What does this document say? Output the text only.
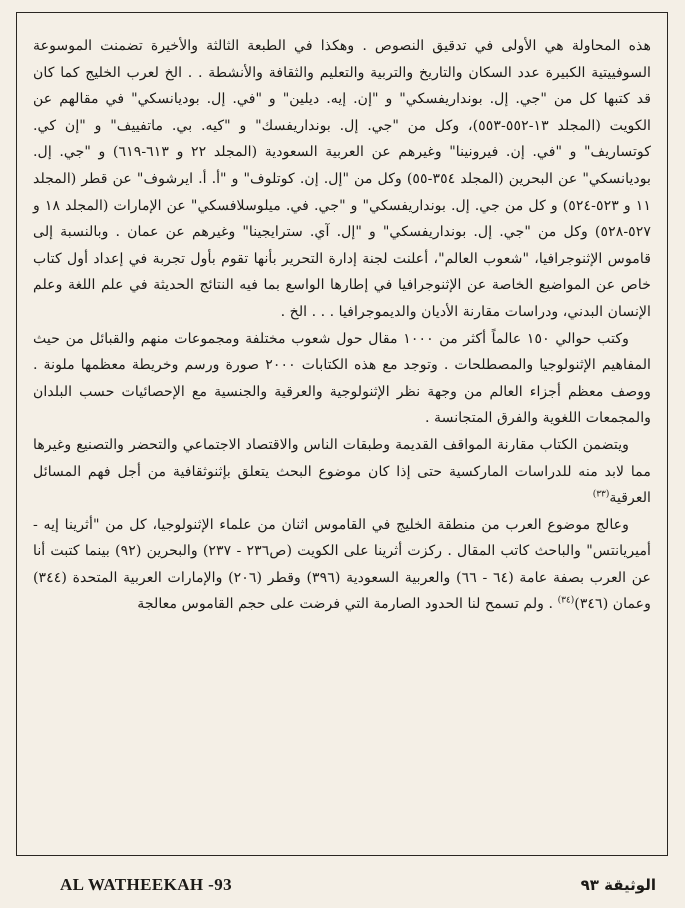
هذه المحاولة هي الأولى في تدقيق النصوص . وهكذا في الطبعة الثالثة والأخيرة تضمنت الموسوعة السوفييتية الكبيرة عدد السكان والتاريخ والتربية والتعليم والثقافة والأنشطة . . الخ لعرب الخليج كما كان قد كتبها كل من "جي. إل. بونداريفسكي" و "إن. إيه. ديلين" و "في. إل. بوديانسكي" في مقالهم عن الكويت (المجلد ١٣-٥٥٢-٥٥٣)، وكل من "جي. إل. بونداريفسك" و "كيه. بي. ماتفييف" و "إن كي. كوتساريف" و "في. إن. فيرونينا" وغيرهم عن العربية السعودية (المجلد ٢٢ و ٦١٣-٦١٩) و "جي. إل. بوديانسكي" عن البحرين (المجلد ٣٥٤-٥٥) وكل من "إل. إن. كوتلوف" و "أ. أ. ايرشوف" عن قطر (المجلد ١١ و ٥٢٣-٥٢٤) و كل من جي. إل. بونداريفسكي" و "جي. في. ميلوسلافسكي" عن الإمارات (المجلد ١٨ و ٥٢٧-٥٢٨) وكل من "جي. إل. بونداريفسكي" و "إل. آي. سترايجينا" وغيرهم عن عمان . وبالنسبة إلى قاموس الإثنوجرافيا، "شعوب العالم"، أعلنت لجنة إدارة التحرير بأنها تقوم بأول تجربة في إعداد أول كتاب خاص عن المواضيع الخاصة عن الإثنوجرافيا في إطارها الواسع بما فيه النتائج الحديثة في علم اللغة وعلم الإنسان البدني، ودراسات مقارنة الأديان والديموجرافيا . . . الخ .

وكتب حوالي ١٥٠ عالماً أكثر من ١٠٠٠ مقال حول شعوب مختلفة ومجموعات منهم والقبائل من حيث المفاهيم الإثنولوجيا والمصطلحات . وتوجد مع هذه الكتابات ٢٠٠٠ صورة ورسم وخريطة معظمها ملونة . ووصف معظم أجزاء العالم من وجهة نظر الإثنولوجية والعرقية والجنسية مع الإحصائيات حسب البلدان والمجمعات اللغوية والفرق المتجانسة .

ويتضمن الكتاب مقارنة المواقف القديمة وطبقات الناس والاقتصاد الاجتماعي والتحضر والتصنيع وغيرها مما لابد منه للدراسات الماركسية حتى إذا كان موضوع البحث يتعلق بإثنوثقافية من أجل فهم المسائل العرقية$^{(٣٣)}$

وعالج موضوع العرب من منطقة الخليج في القاموس اثنان من علماء الإثنولوجيا، كل من "أثرينا إيه - أميريانتس" والباحث كاتب المقال . ركزت أثرينا على الكويت (ص٢٣٦ - ٢٣٧) والبحرين (٩٢) بينما كتبت أنا عن العرب بصفة عامة (٦٤ - ٦٦) والعربية السعودية (٣٩٦) وقطر (٢٠٦) والإمارات العربية المتحدة (٣٤٤) وعمان (٣٤٦)$^{(٣٤)}$ . ولم تسمح لنا الحدود الصارمة التي فرضت على حجم القاموس معالجة

AL WATHEEKAH -93	الوثيقة ٩٣
